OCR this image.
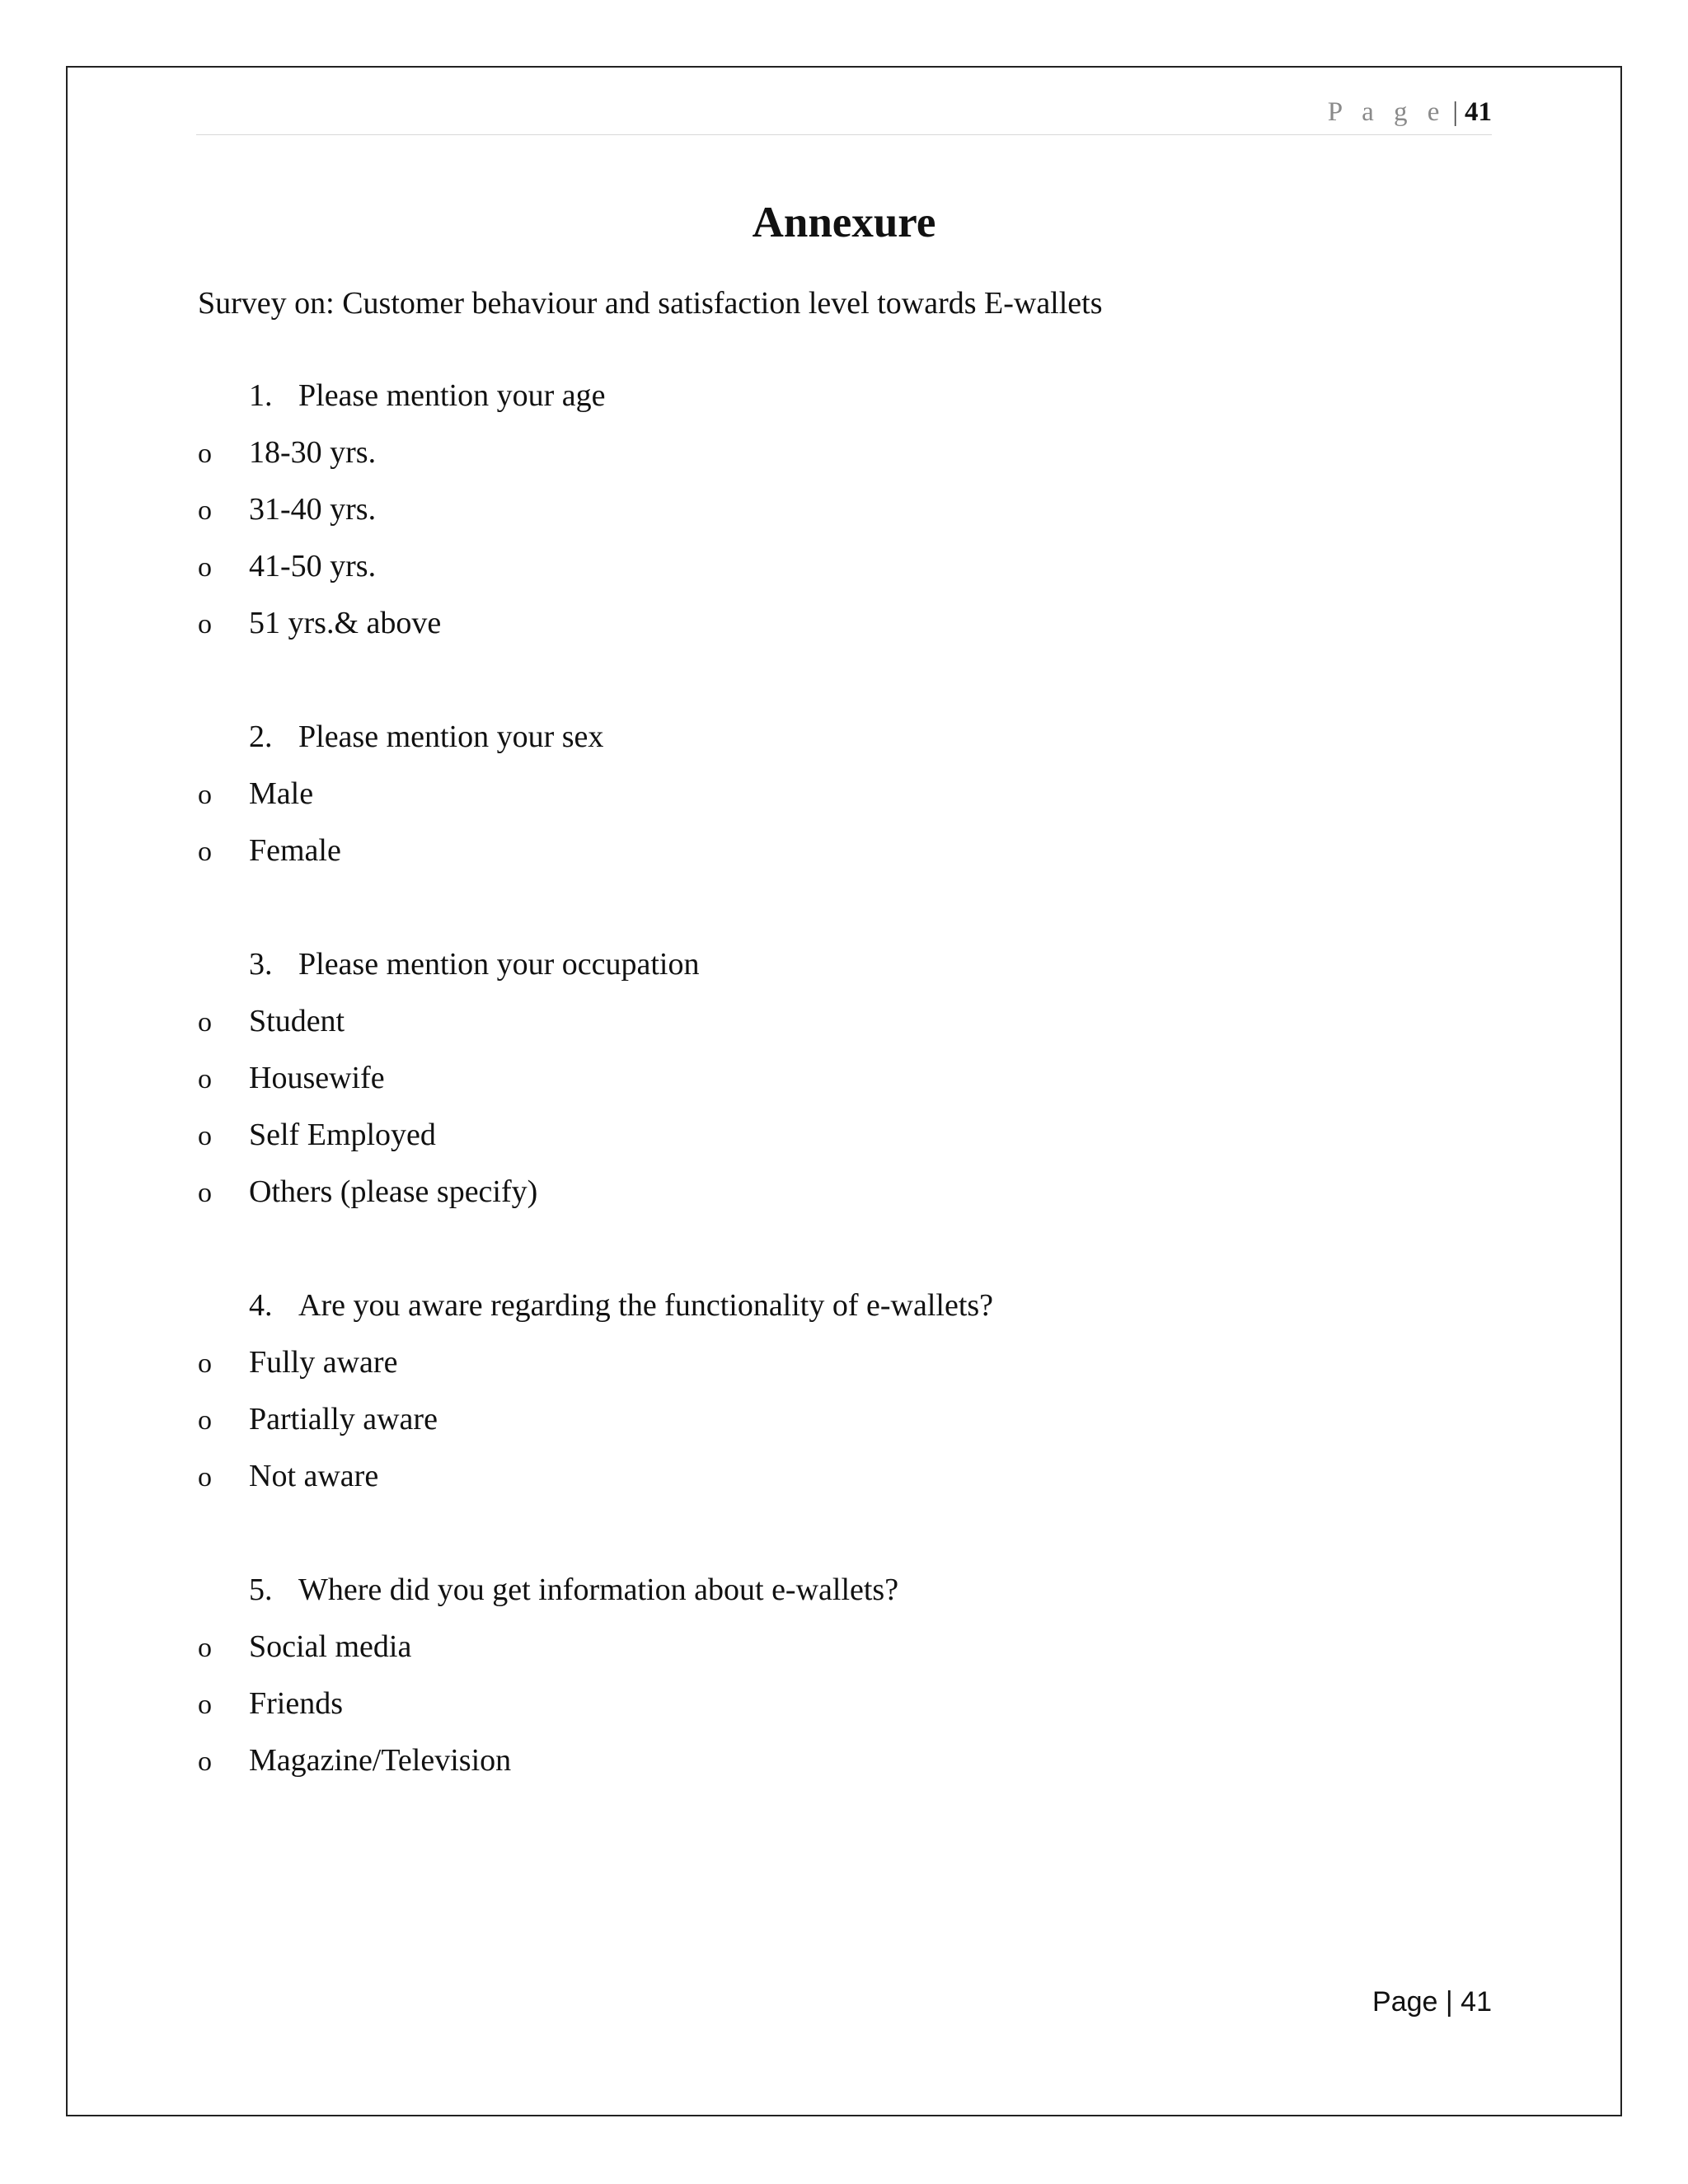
P a g e | 41
Annexure
Survey on: Customer behaviour and satisfaction level towards E-wallets
1. Please mention your age
o 18-30 yrs.
o 31-40 yrs.
o 41-50 yrs.
o 51 yrs.& above
2. Please mention your sex
o Male
o Female
3. Please mention your occupation
o Student
o Housewife
o Self Employed
o Others (please specify)
4. Are you aware regarding the functionality of e-wallets?
o Fully aware
o Partially aware
o Not aware
5. Where did you get information about e-wallets?
o Social media
o Friends
o Magazine/Television
Page | 41
